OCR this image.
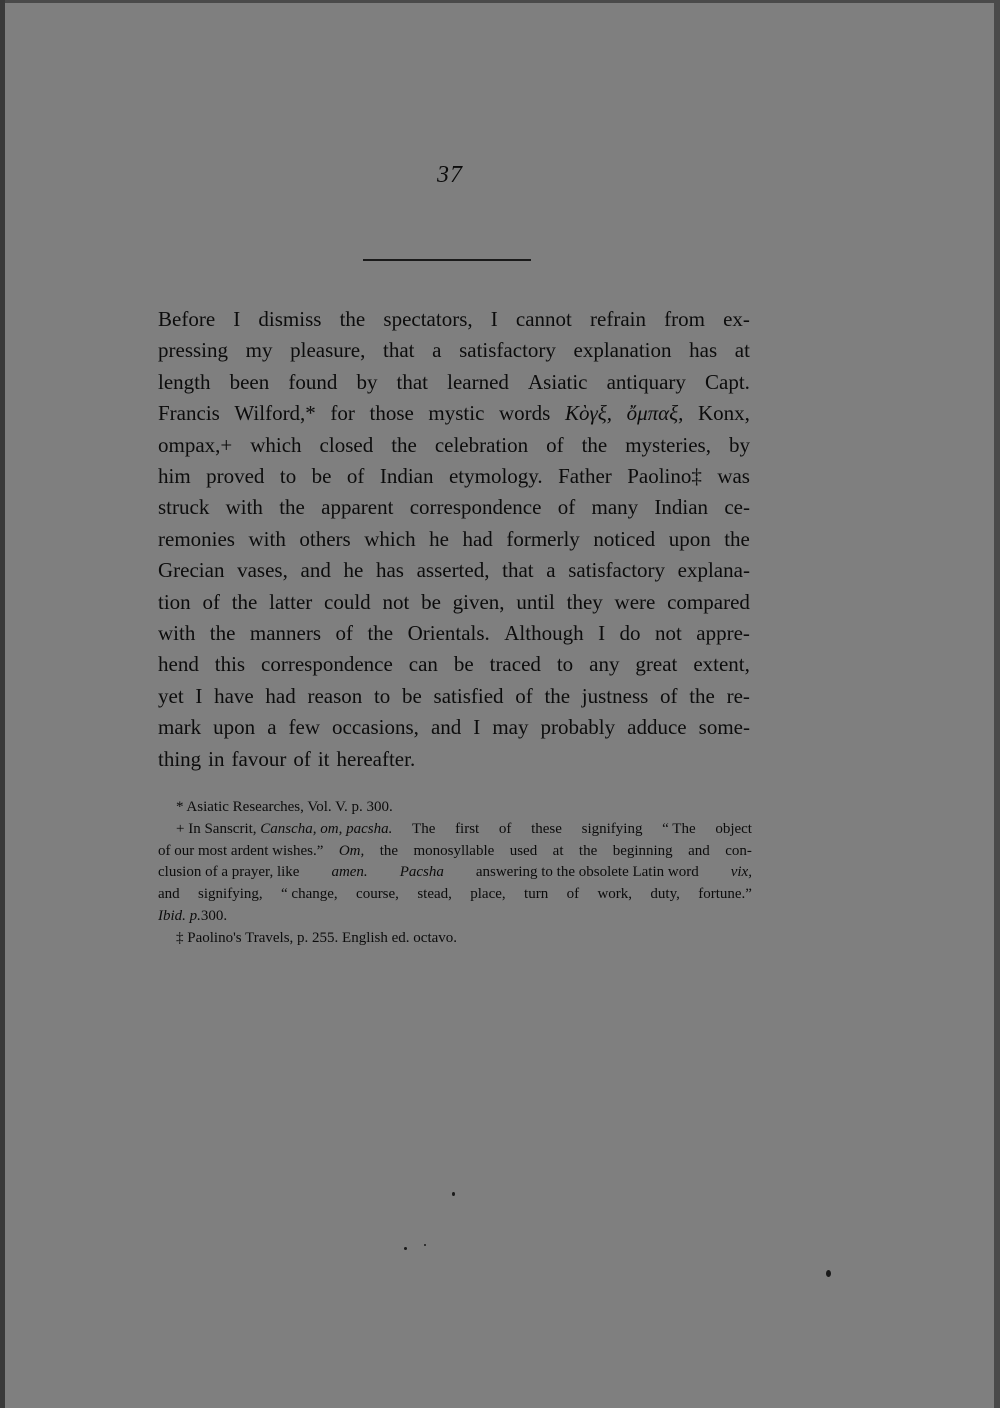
37
Before I dismiss the spectators, I cannot refrain from ex-
pressing my pleasure, that a satisfactory explanation has at
length been found by that learned Asiatic antiquary Capt.
Francis Wilford,* for those mystic words Κὸγξ, ὄμπαξ, Konx,
ompax,+ which closed the celebration of the mysteries, by
him proved to be of Indian etymology. Father Paolino‡ was
struck with the apparent correspondence of many Indian ce-
remonies with others which he had formerly noticed upon the
Grecian vases, and he has asserted, that a satisfactory explana-
tion of the latter could not be given, until they were compared
with the manners of the Orientals. Although I do not appre-
hend this correspondence can be traced to any great extent,
yet I have had reason to be satisfied of the justness of the re-
mark upon a few occasions, and I may probably adduce some-
thing in favour of it hereafter.
* Asiatic Researches, Vol. V. p. 300.
+ In Sanscrit, Canscha, om, pacsha. The first of these signifying “ The object
of our most ardent wishes.” Om, the monosyllable used at the beginning and con-
clusion of a prayer, like amen. Pacsha answering to the obsolete Latin word vix,
and signifying, “ change, course, stead, place, turn of work, duty, fortune.”
Ibid. p. 300.
‡ Paolino's Travels, p. 255. English ed. octavo.
